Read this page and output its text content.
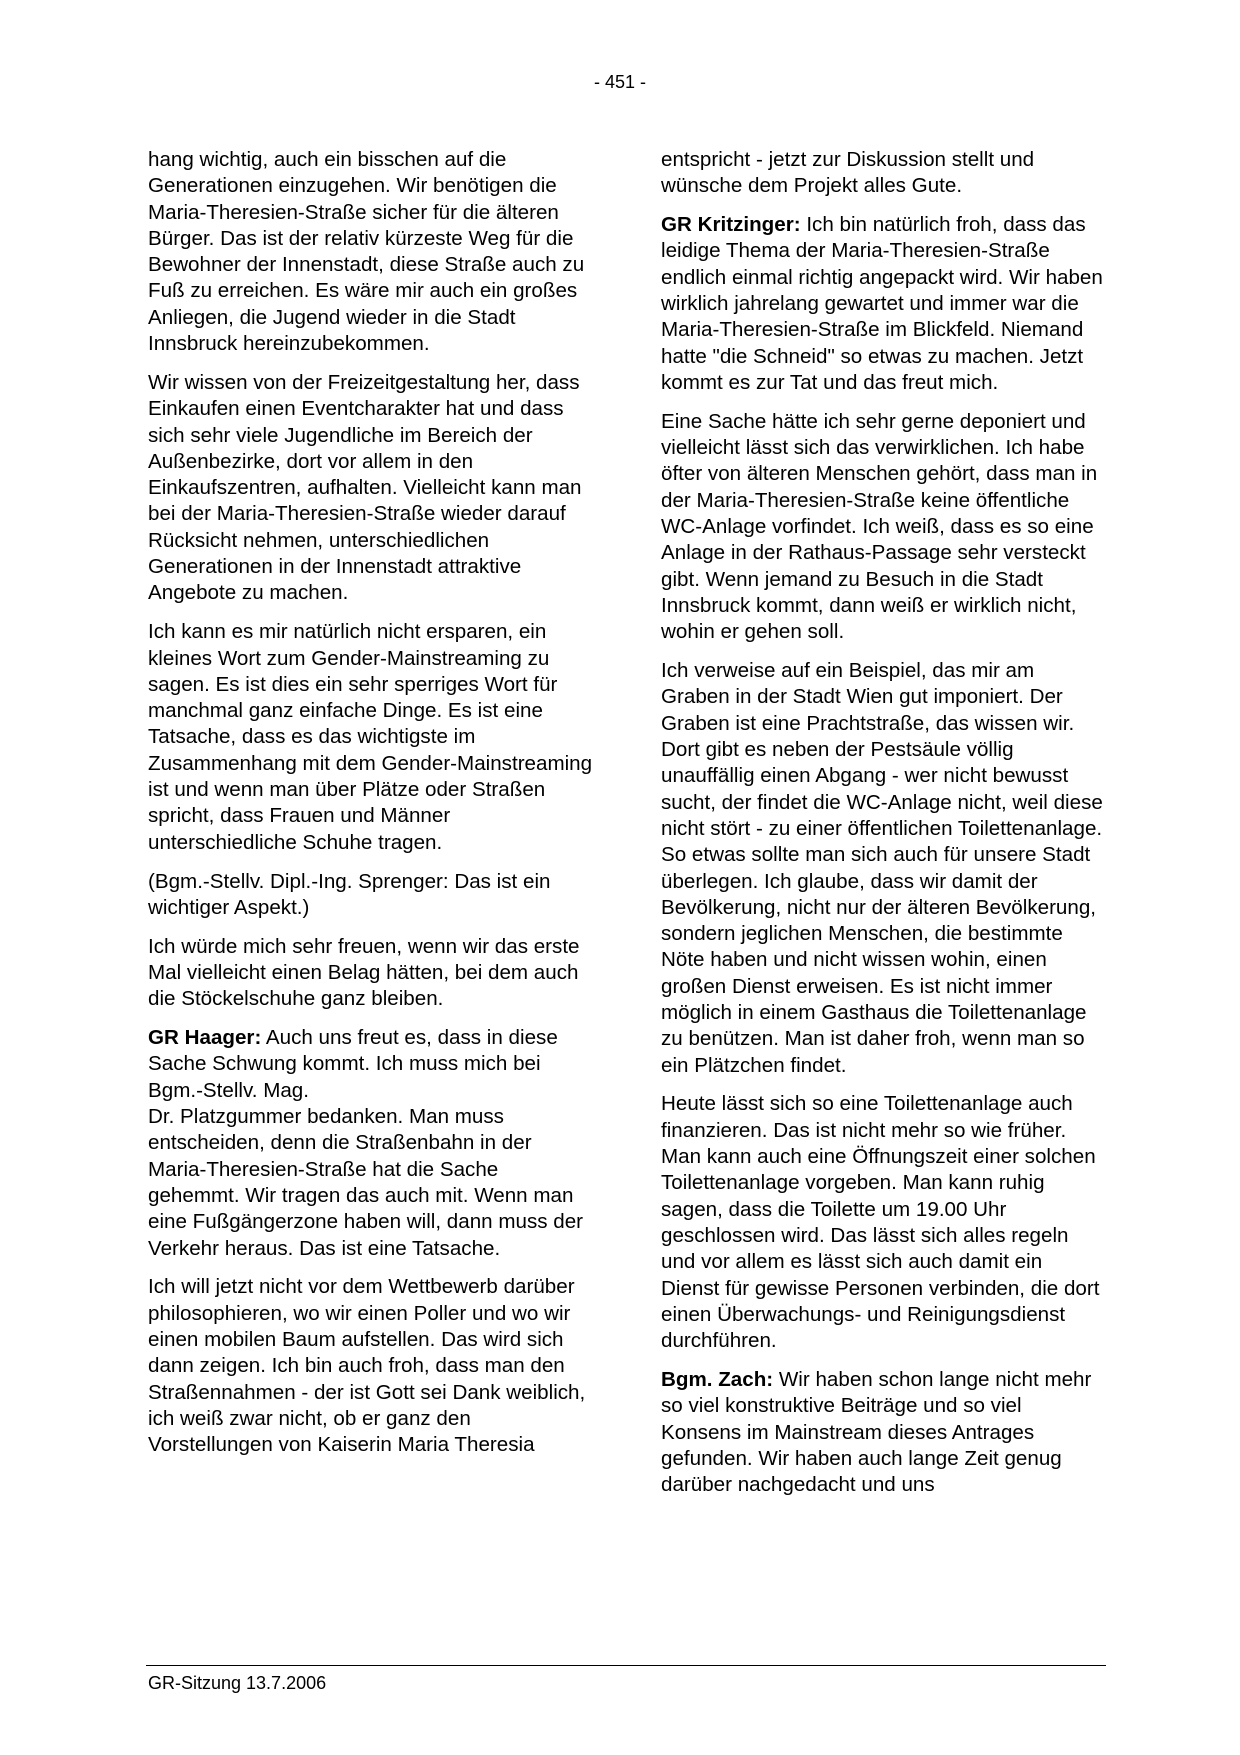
- 451 -

hang wichtig, auch ein bisschen auf die Generationen einzugehen. Wir benötigen die Maria-Theresien-Straße sicher für die älteren Bürger. Das ist der relativ kürzeste Weg für die Bewohner der Innenstadt, diese Straße auch zu Fuß zu erreichen. Es wäre mir auch ein großes Anliegen, die Jugend wieder in die Stadt Innsbruck hereinzubekommen.

Wir wissen von der Freizeitgestaltung her, dass Einkaufen einen Eventcharakter hat und dass sich sehr viele Jugendliche im Bereich der Außenbezirke, dort vor allem in den Einkaufszentren, aufhalten. Vielleicht kann man bei der Maria-Theresien-Straße wieder darauf Rücksicht nehmen, unterschiedlichen Generationen in der Innenstadt attraktive Angebote zu machen.

Ich kann es mir natürlich nicht ersparen, ein kleines Wort zum Gender-Mainstreaming zu sagen. Es ist dies ein sehr sperriges Wort für manchmal ganz einfache Dinge. Es ist eine Tatsache, dass es das wichtigste im Zusammenhang mit dem Gender-Mainstreaming ist und wenn man über Plätze oder Straßen spricht, dass Frauen und Männer unterschiedliche Schuhe tragen.

(Bgm.-Stellv. Dipl.-Ing. Sprenger: Das ist ein wichtiger Aspekt.)

Ich würde mich sehr freuen, wenn wir das erste Mal vielleicht einen Belag hätten, bei dem auch die Stöckelschuhe ganz bleiben.

GR Haager: Auch uns freut es, dass in diese Sache Schwung kommt. Ich muss mich bei Bgm.-Stellv. Mag.
Dr. Platzgummer bedanken. Man muss entscheiden, denn die Straßenbahn in der Maria-Theresien-Straße hat die Sache gehemmt. Wir tragen das auch mit. Wenn man eine Fußgängerzone haben will, dann muss der Verkehr heraus. Das ist eine Tatsache.

Ich will jetzt nicht vor dem Wettbewerb darüber philosophieren, wo wir einen Poller und wo wir einen mobilen Baum aufstellen. Das wird sich dann zeigen. Ich bin auch froh, dass man den Straßennahmen - der ist Gott sei Dank weiblich, ich weiß zwar nicht, ob er ganz den Vorstellungen von Kaiserin Maria Theresia

entspricht - jetzt zur Diskussion stellt und wünsche dem Projekt alles Gute.

GR Kritzinger: Ich bin natürlich froh, dass das leidige Thema der Maria-Theresien-Straße endlich einmal richtig angepackt wird. Wir haben wirklich jahrelang gewartet und immer war die Maria-Theresien-Straße im Blickfeld. Niemand hatte "die Schneid" so etwas zu machen. Jetzt kommt es zur Tat und das freut mich.

Eine Sache hätte ich sehr gerne deponiert und vielleicht lässt sich das verwirklichen. Ich habe öfter von älteren Menschen gehört, dass man in der Maria-Theresien-Straße keine öffentliche WC-Anlage vorfindet. Ich weiß, dass es so eine Anlage in der Rathaus-Passage sehr versteckt gibt. Wenn jemand zu Besuch in die Stadt Innsbruck kommt, dann weiß er wirklich nicht, wohin er gehen soll.

Ich verweise auf ein Beispiel, das mir am Graben in der Stadt Wien gut imponiert. Der Graben ist eine Prachtstraße, das wissen wir. Dort gibt es neben der Pestsäule völlig unauffällig einen Abgang - wer nicht bewusst sucht, der findet die WC-Anlage nicht, weil diese nicht stört - zu einer öffentlichen Toilettenanlage. So etwas sollte man sich auch für unsere Stadt überlegen. Ich glaube, dass wir damit der Bevölkerung, nicht nur der älteren Bevölkerung, sondern jeglichen Menschen, die bestimmte Nöte haben und nicht wissen wohin, einen großen Dienst erweisen. Es ist nicht immer möglich in einem Gasthaus die Toilettenanlage zu benützen. Man ist daher froh, wenn man so ein Plätzchen findet.

Heute lässt sich so eine Toilettenanlage auch finanzieren. Das ist nicht mehr so wie früher. Man kann auch eine Öffnungszeit einer solchen Toilettenanlage vorgeben. Man kann ruhig sagen, dass die Toilette um 19.00 Uhr geschlossen wird. Das lässt sich alles regeln und vor allem es lässt sich auch damit ein Dienst für gewisse Personen verbinden, die dort einen Überwachungs- und Reinigungsdienst durchführen.

Bgm. Zach: Wir haben schon lange nicht mehr so viel konstruktive Beiträge und so viel Konsens im Mainstream dieses Antrages gefunden. Wir haben auch lange Zeit genug darüber nachgedacht und uns

GR-Sitzung 13.7.2006
